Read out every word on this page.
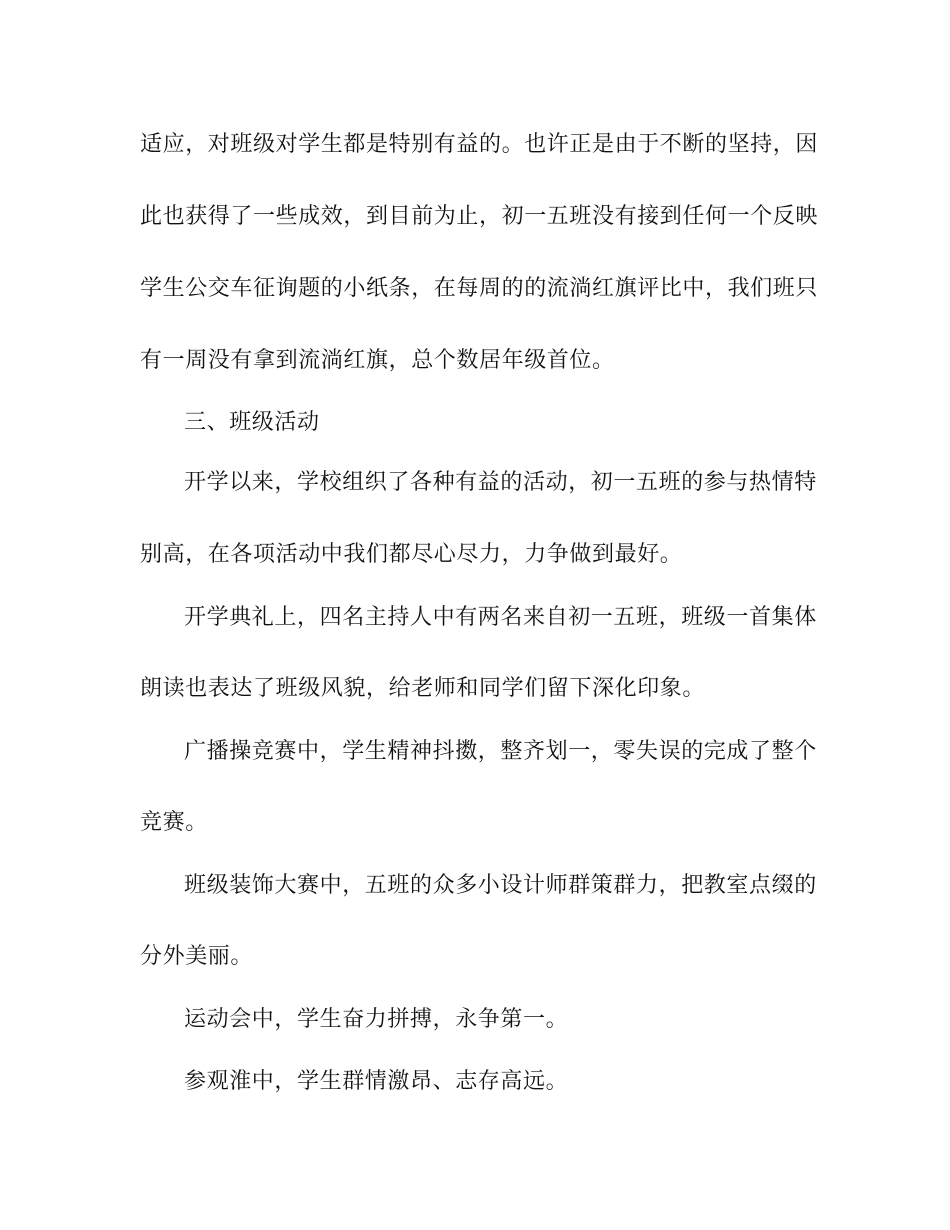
适应，对班级对学生都是特别有益的。也许正是由于不断的坚持，因
此也获得了一些成效，到目前为止，初一五班没有接到任何一个反映
学生公交车征询题的小纸条，在每周的的流淌红旗评比中，我们班只
有一周没有拿到流淌红旗，总个数居年级首位。
三、班级活动
开学以来，学校组织了各种有益的活动，初一五班的参与热情特
别高，在各项活动中我们都尽心尽力，力争做到最好。
开学典礼上，四名主持人中有两名来自初一五班，班级一首集体
朗读也表达了班级风貌，给老师和同学们留下深化印象。
广播操竞赛中，学生精神抖擞，整齐划一，零失误的完成了整个
竞赛。
班级装饰大赛中，五班的众多小设计师群策群力，把教室点缀的
分外美丽。
运动会中，学生奋力拼搏，永争第一。
参观淮中，学生群情激昂、志存高远。
